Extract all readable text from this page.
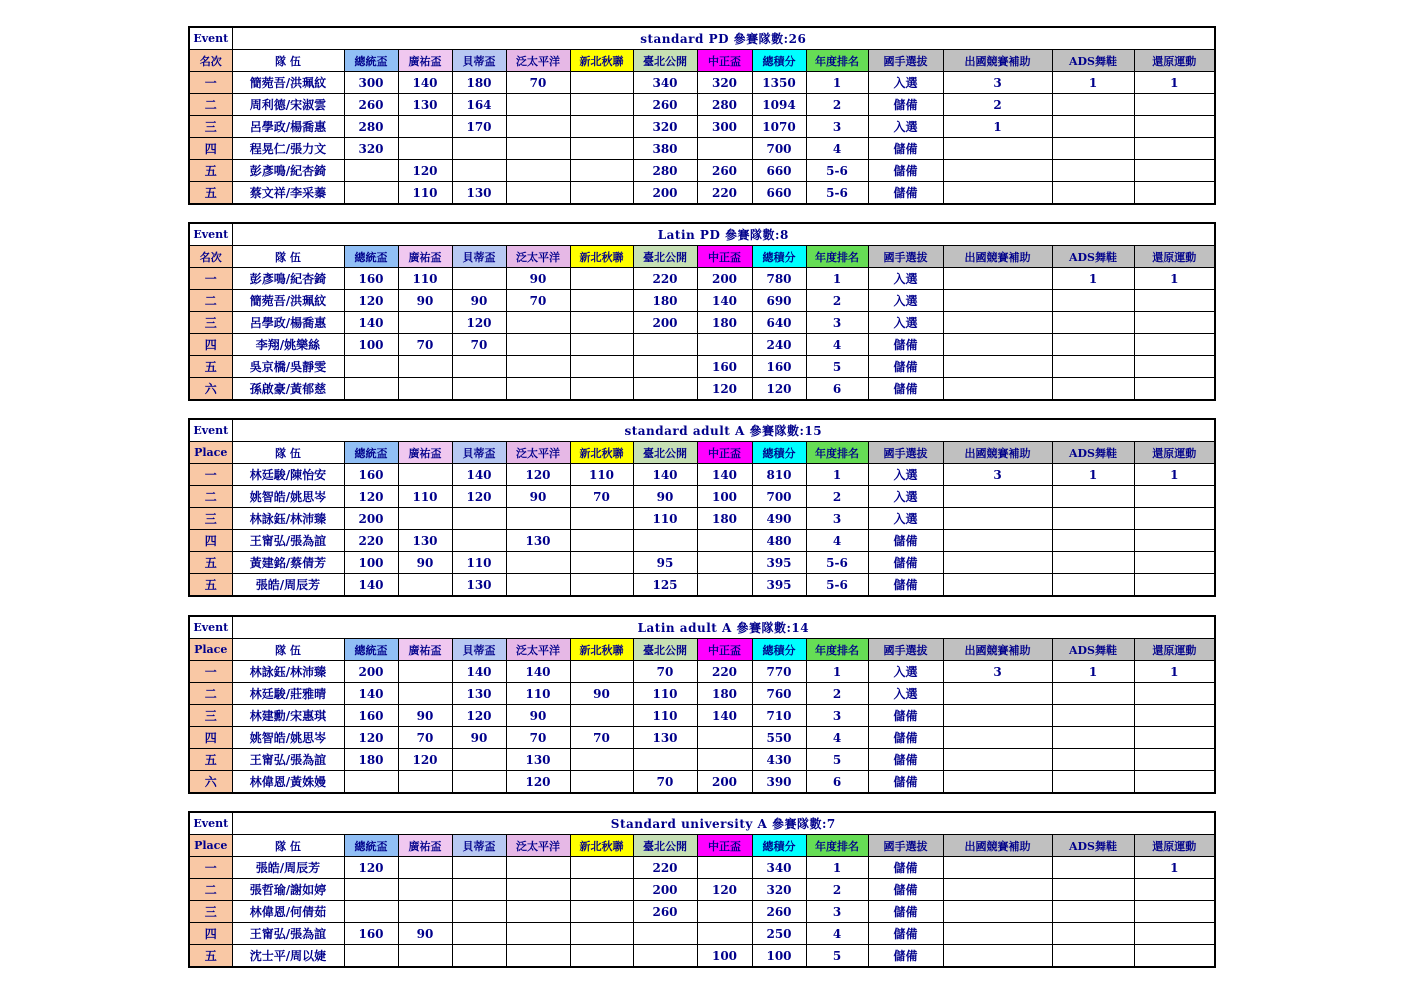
Event	standard PD 參賽隊數:26													
名次	隊 伍	總統盃	廣祐盃	貝蒂盃	泛太平洋	新北秋聯	臺北公開	中正盃	總積分	年度排名	國手選拔	出國競賽補助	ADS舞鞋	還原運動
一	簡菀吾/洪珮紋	300	140	180	70		340	320	1350	1	入選	3	1	1
二	周利德/宋淑雲	260	130	164			260	280	1094	2	儲備	2		
三	呂學政/楊喬惠	280		170			320	300	1070	3	入選	1		
四	程晃仁/張力文	320					380		700	4	儲備			
五	彭彥鳴/紀杏錡		120				280	260	660	5-6	儲備			
五	蔡文祥/李采蓁		110	130			200	220	660	5-6	儲備			
Event	Latin PD 參賽隊數:8													
名次	隊 伍	總統盃	廣祐盃	貝蒂盃	泛太平洋	新北秋聯	臺北公開	中正盃	總積分	年度排名	國手選拔	出國競賽補助	ADS舞鞋	還原運動
一	彭彥鳴/紀杏錡	160	110		90		220	200	780	1	入選		1	1
二	簡菀吾/洪珮紋	120	90	90	70		180	140	690	2	入選			
三	呂學政/楊喬惠	140		120			200	180	640	3	入選			
四	李翔/姚樂絲	100	70	70					240	4	儲備			
五	吳京橋/吳靜雯							160	160	5	儲備			
六	孫啟豪/黃郁慈							120	120	6	儲備			
Event	standard adult A 參賽隊數:15													
Place	隊 伍	總統盃	廣祐盃	貝蒂盃	泛太平洋	新北秋聯	臺北公開	中正盃	總積分	年度排名	國手選拔	出國競賽補助	ADS舞鞋	還原運動
一	林廷駿/陳怡安	160		140	120	110	140	140	810	1	入選	3	1	1
二	姚智皓/姚思岑	120	110	120	90	70	90	100	700	2	入選			
三	林詠鈺/林沛臻	200					110	180	490	3	入選			
四	王甯弘/張為誼	220	130		130				480	4	儲備			
五	黃建銘/蔡倩芳	100	90	110			95		395	5-6	儲備			
五	張皓/周辰芳	140		130			125		395	5-6	儲備			
Event	Latin adult A 參賽隊數:14													
Place	隊 伍	總統盃	廣祐盃	貝蒂盃	泛太平洋	新北秋聯	臺北公開	中正盃	總積分	年度排名	國手選拔	出國競賽補助	ADS舞鞋	還原運動
一	林詠鈺/林沛臻	200		140	140		70	220	770	1	入選	3	1	1
二	林廷駿/莊雅晴	140		130	110	90	110	180	760	2	入選			
三	林建勳/宋惠琪	160	90	120	90		110	140	710	3	儲備			
四	姚智皓/姚思岑	120	70	90	70	70	130		550	4	儲備			
五	王甯弘/張為誼	180	120		130				430	5	儲備			
六	林偉恩/黃姝嫚				120		70	200	390	6	儲備			
Event	Standard university A 參賽隊數:7													
Place	隊 伍	總統盃	廣祐盃	貝蒂盃	泛太平洋	新北秋聯	臺北公開	中正盃	總積分	年度排名	國手選拔	出國競賽補助	ADS舞鞋	還原運動
一	張皓/周辰芳	120					220		340	1	儲備			1
二	張哲瑜/謝如婷						200	120	320	2	儲備			
三	林偉恩/何倩茹						260		260	3	儲備			
四	王甯弘/張為誼	160	90						250	4	儲備			
五	沈士平/周以婕							100	100	5	儲備			
